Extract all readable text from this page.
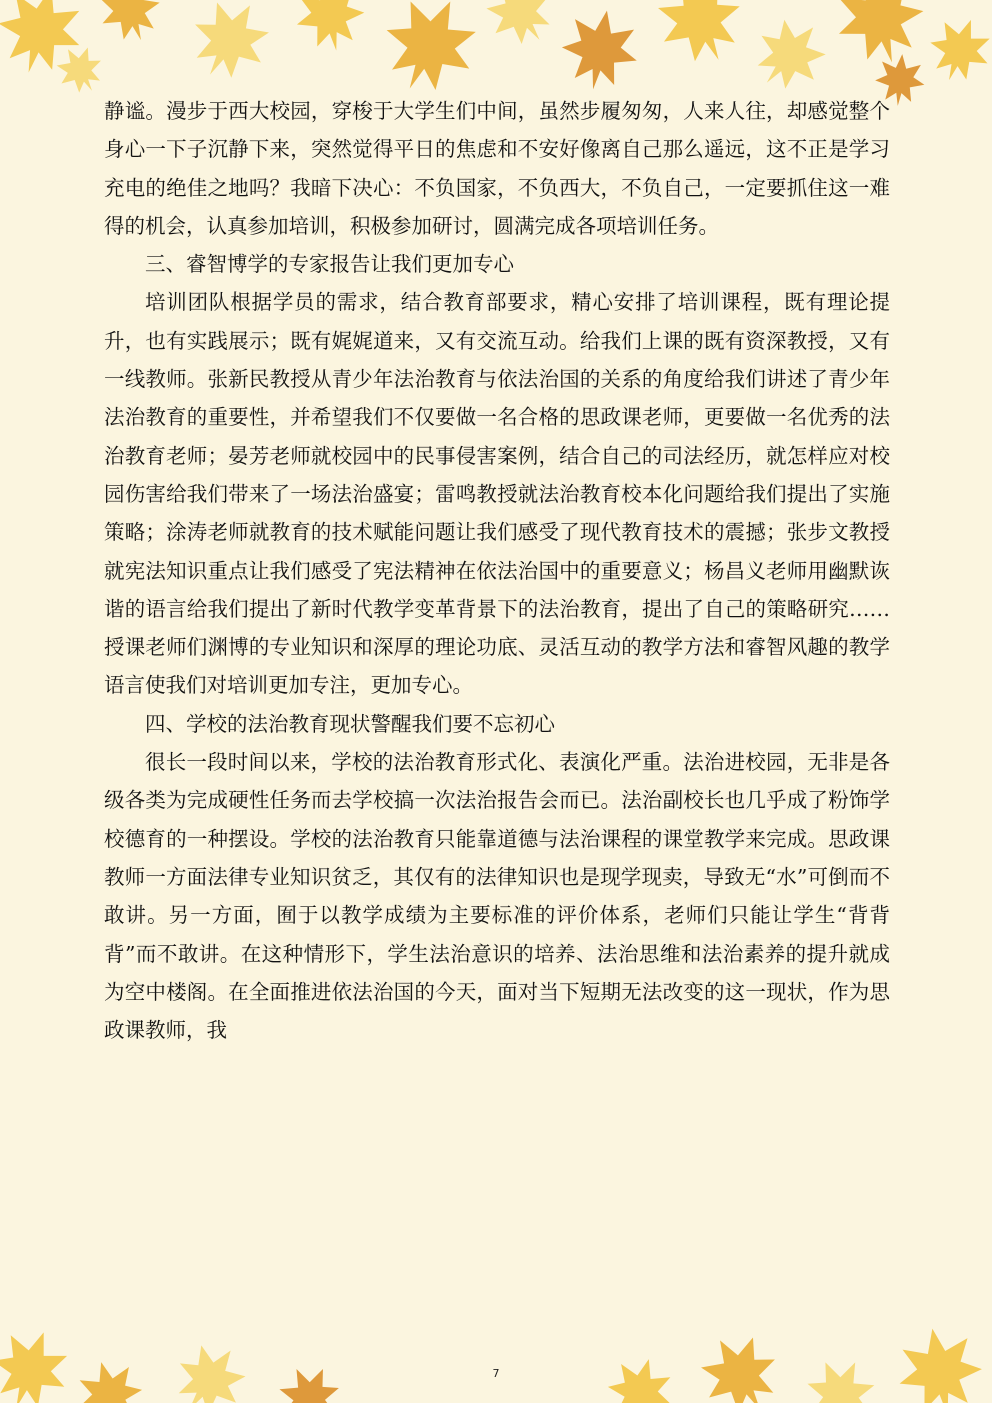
静谧。漫步于西大校园，穿梭于大学生们中间，虽然步履匆匆，人来人往，却感觉整个身心一下子沉静下来，突然觉得平日的焦虑和不安好像离自己那么遥远，这不正是学习充电的绝佳之地吗？我暗下决心：不负国家，不负西大，不负自己，一定要抓住这一难得的机会，认真参加培训，积极参加研讨，圆满完成各项培训任务。

三、睿智博学的专家报告让我们更加专心

培训团队根据学员的需求，结合教育部要求，精心安排了培训课程，既有理论提升，也有实践展示；既有娓娓道来，又有交流互动。给我们上课的既有资深教授，又有一线教师。张新民教授从青少年法治教育与依法治国的关系的角度给我们讲述了青少年法治教育的重要性，并希望我们不仅要做一名合格的思政课老师，更要做一名优秀的法治教育老师；晏芳老师就校园中的民事侵害案例，结合自己的司法经历，就怎样应对校园伤害给我们带来了一场法治盛宴；雷鸣教授就法治教育校本化问题给我们提出了实施策略；涂涛老师就教育的技术赋能问题让我们感受了现代教育技术的震撼；张步文教授就宪法知识重点让我们感受了宪法精神在依法治国中的重要意义；杨昌义老师用幽默诙谐的语言给我们提出了新时代教学变革背景下的法治教育，提出了自己的策略研究……授课老师们渊博的专业知识和深厚的理论功底、灵活互动的教学方法和睿智风趣的教学语言使我们对培训更加专注，更加专心。

四、学校的法治教育现状警醒我们要不忘初心

很长一段时间以来，学校的法治教育形式化、表演化严重。法治进校园，无非是各级各类为完成硬性任务而去学校搞一次法治报告会而已。法治副校长也几乎成了粉饰学校德育的一种摆设。学校的法治教育只能靠道德与法治课程的课堂教学来完成。思政课教师一方面法律专业知识贫乏，其仅有的法律知识也是现学现卖，导致无“水”可倒而不敢讲。另一方面，囿于以教学成绩为主要标准的评价体系，老师们只能让学生“背背背”而不敢讲。在这种情形下，学生法治意识的培养、法治思维和法治素养的提升就成为空中楼阁。在全面推进依法治国的今天，面对当下短期无法改变的这一现状，作为思政课教师，我

7
